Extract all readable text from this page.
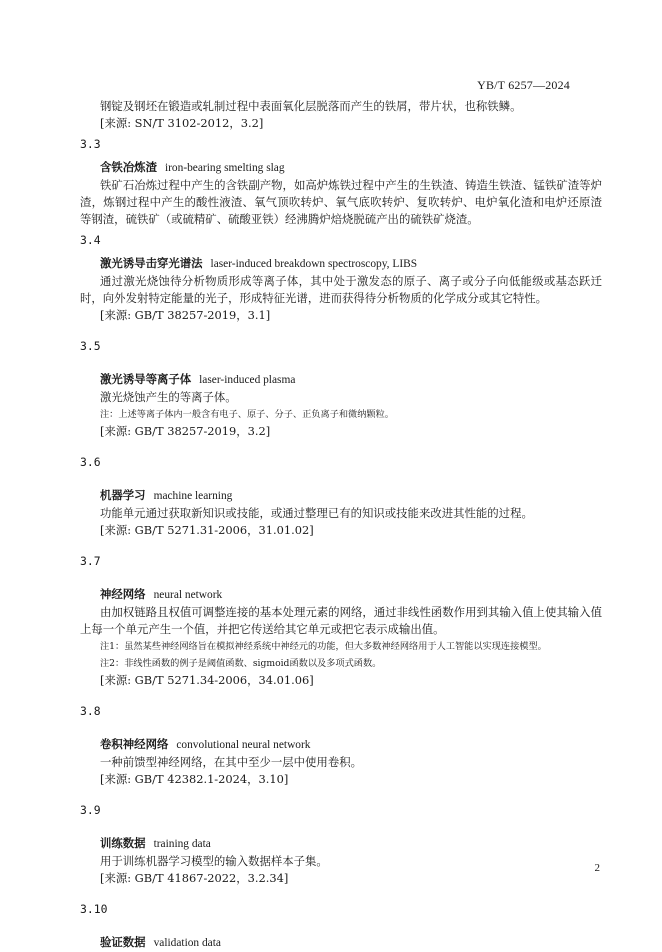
YB/T 6257—2024
钢锭及钢坯在锻造或轧制过程中表面氧化层脱落而产生的铁屑，带片状，也称铁鳞。
[来源: SN/T 3102-2012，3.2]
3.3
含铁冶炼渣 iron-bearing smelting slag
铁矿石冶炼过程中产生的含铁副产物，如高炉炼铁过程中产生的生铁渣、铸造生铁渣、锰铁矿渣等炉渣，炼钢过程中产生的酸性液渣、氧气顶吹转炉、氧气底吹转炉、复吹转炉、电炉氧化渣和电炉还原渣等钢渣，硫铁矿（或硫精矿、硫酸亚铁）经沸腾炉焙烧脱硫产出的硫铁矿烧渣。
3.4
激光诱导击穿光谱法 laser-induced breakdown spectroscopy, LIBS
通过激光烧蚀待分析物质形成等离子体，其中处于激发态的原子、离子或分子向低能级或基态跃迁时，向外发射特定能量的光子，形成特征光谱，进而获得待分析物质的化学成分或其它特性。
[来源: GB/T 38257-2019，3.1]
3.5
激光诱导等离子体 laser-induced plasma
激光烧蚀产生的等离子体。
注：上述等离子体内一般含有电子、原子、分子、正负离子和微纳颗粒。
[来源: GB/T 38257-2019，3.2]
3.6
机器学习 machine learning
功能单元通过获取新知识或技能，或通过整理已有的知识或技能来改进其性能的过程。
[来源: GB/T 5271.31-2006，31.01.02]
3.7
神经网络 neural network
由加权链路且权值可调整连接的基本处理元素的网络，通过非线性函数作用到其输入值上使其输入值上每一个单元产生一个值，并把它传送给其它单元或把它表示成输出值。
注1：虽然某些神经网络旨在模拟神经系统中神经元的功能，但大多数神经网络用于人工智能以实现连接模型。
注2：非线性函数的例子是阈值函数、sigmoid函数以及多项式函数。
[来源: GB/T 5271.34-2006，34.01.06]
3.8
卷积神经网络 convolutional neural network
一种前馈型神经网络，在其中至少一层中使用卷积。
[来源: GB/T 42382.1-2024，3.10]
3.9
训练数据 training data
用于训练机器学习模型的输入数据样本子集。
[来源: GB/T 41867-2022，3.2.34]
3.10
验证数据 validation data
2
